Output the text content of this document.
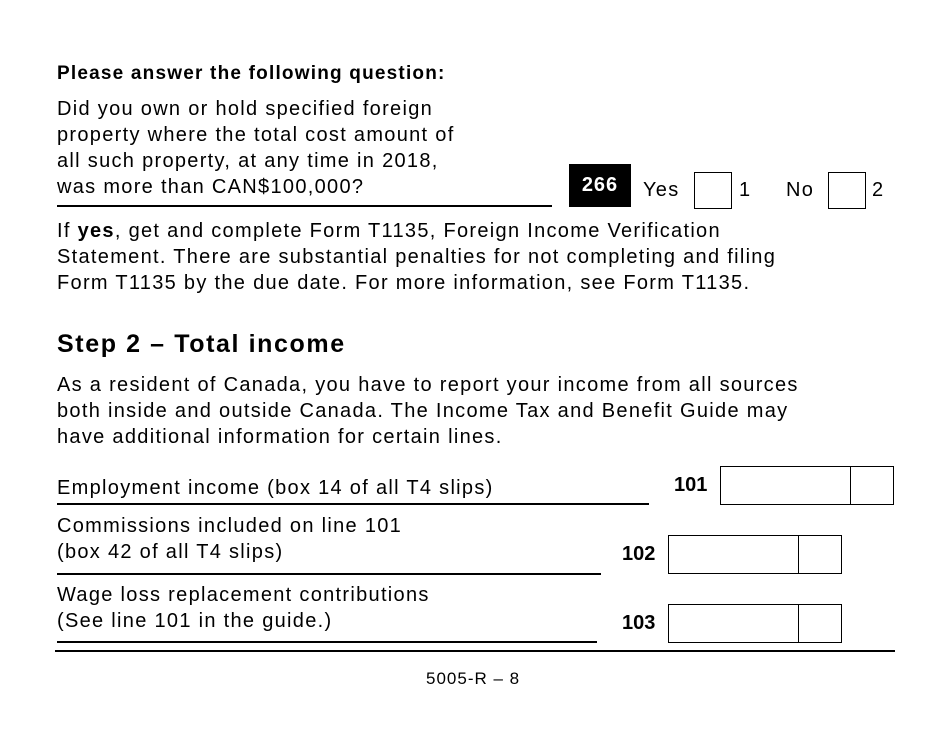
Please answer the following question:
Did you own or hold specified foreign
property where the total cost amount of
all such property, at any time in 2018,
was more than CAN$100,000?	266	Yes	1 No	2
If yes, get and complete Form T1135, Foreign Income Verification
Statement. There are substantial penalties for not completing and filing
Form T1135 by the due date. For more information, see Form T1135.
Step 2 – Total income
As a resident of Canada, you have to report your income from all sources
both inside and outside Canada. The Income Tax and Benefit Guide may
have additional information for certain lines.
Employment income (box 14 of all T4 slips)	101
Commissions included on line 101
(box 42 of all T4 slips)	102
Wage loss replacement contributions
(See line 101 in the guide.)	103
5005-R – 8
